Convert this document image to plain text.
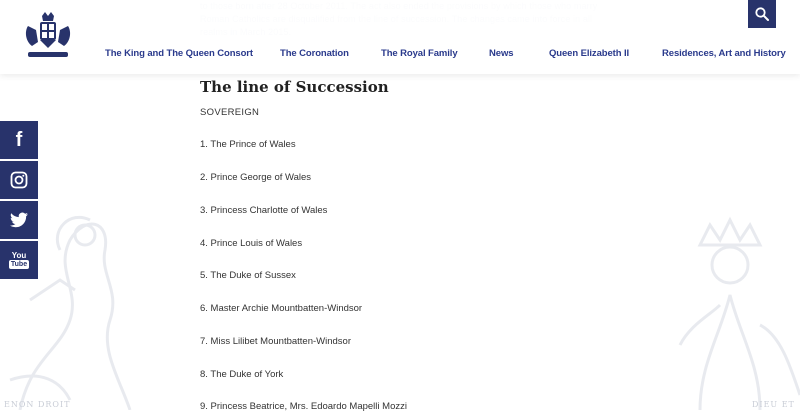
ENON DROIT	DIEU ET
The King and The Queen Consort	The Coronation	The Royal Family	News	Queen Elizabeth II	Residences, Art and History
f
You
Tube
The line of Succession
SOVEREIGN
1. The Prince of Wales
2. Prince George of Wales
3. Princess Charlotte of Wales
4. Prince Louis of Wales
5. The Duke of Sussex
6. Master Archie Mountbatten-Windsor
7. Miss Lilibet Mountbatten-Windsor
8. The Duke of York
9. Princess Beatrice, Mrs. Edoardo Mapelli Mozzi
